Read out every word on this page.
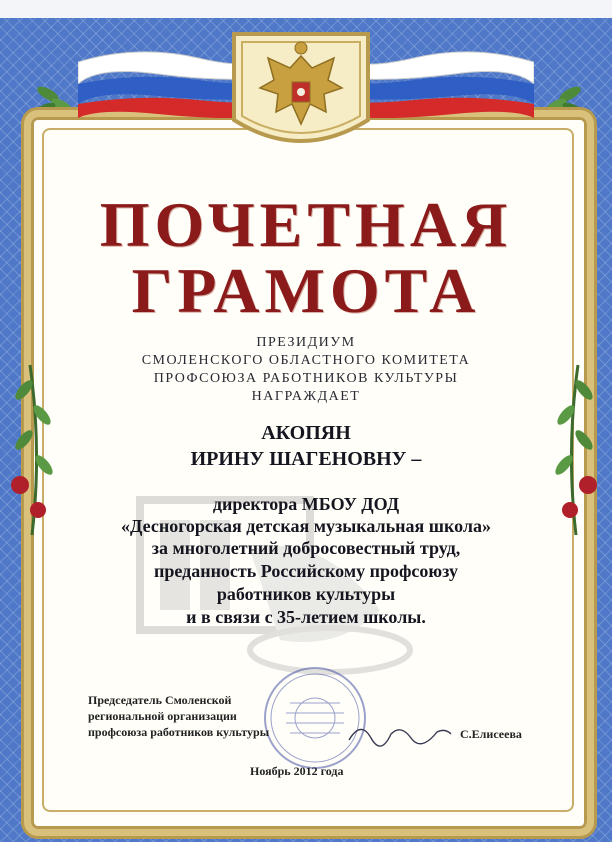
ПОЧЕТНАЯ
ГРАМОТА
ПРЕЗИДИУМ
СМОЛЕНСКОГО ОБЛАСТНОГО КОМИТЕТА
ПРОФСОЮЗА РАБОТНИКОВ КУЛЬТУРЫ
НАГРАЖДАЕТ
АКОПЯН
ИРИНУ ШАГЕНОВНУ –
директора МБОУ ДОД
«Десногорская детская музыкальная школа»
за многолетний добросовестный труд,
преданность Российскому профсоюзу
работников культуры
и в связи с 35-летием школы.
Председатель Смоленской
региональной организации
профсоюза работников культуры	С.Елисеева
Ноябрь 2012 года
